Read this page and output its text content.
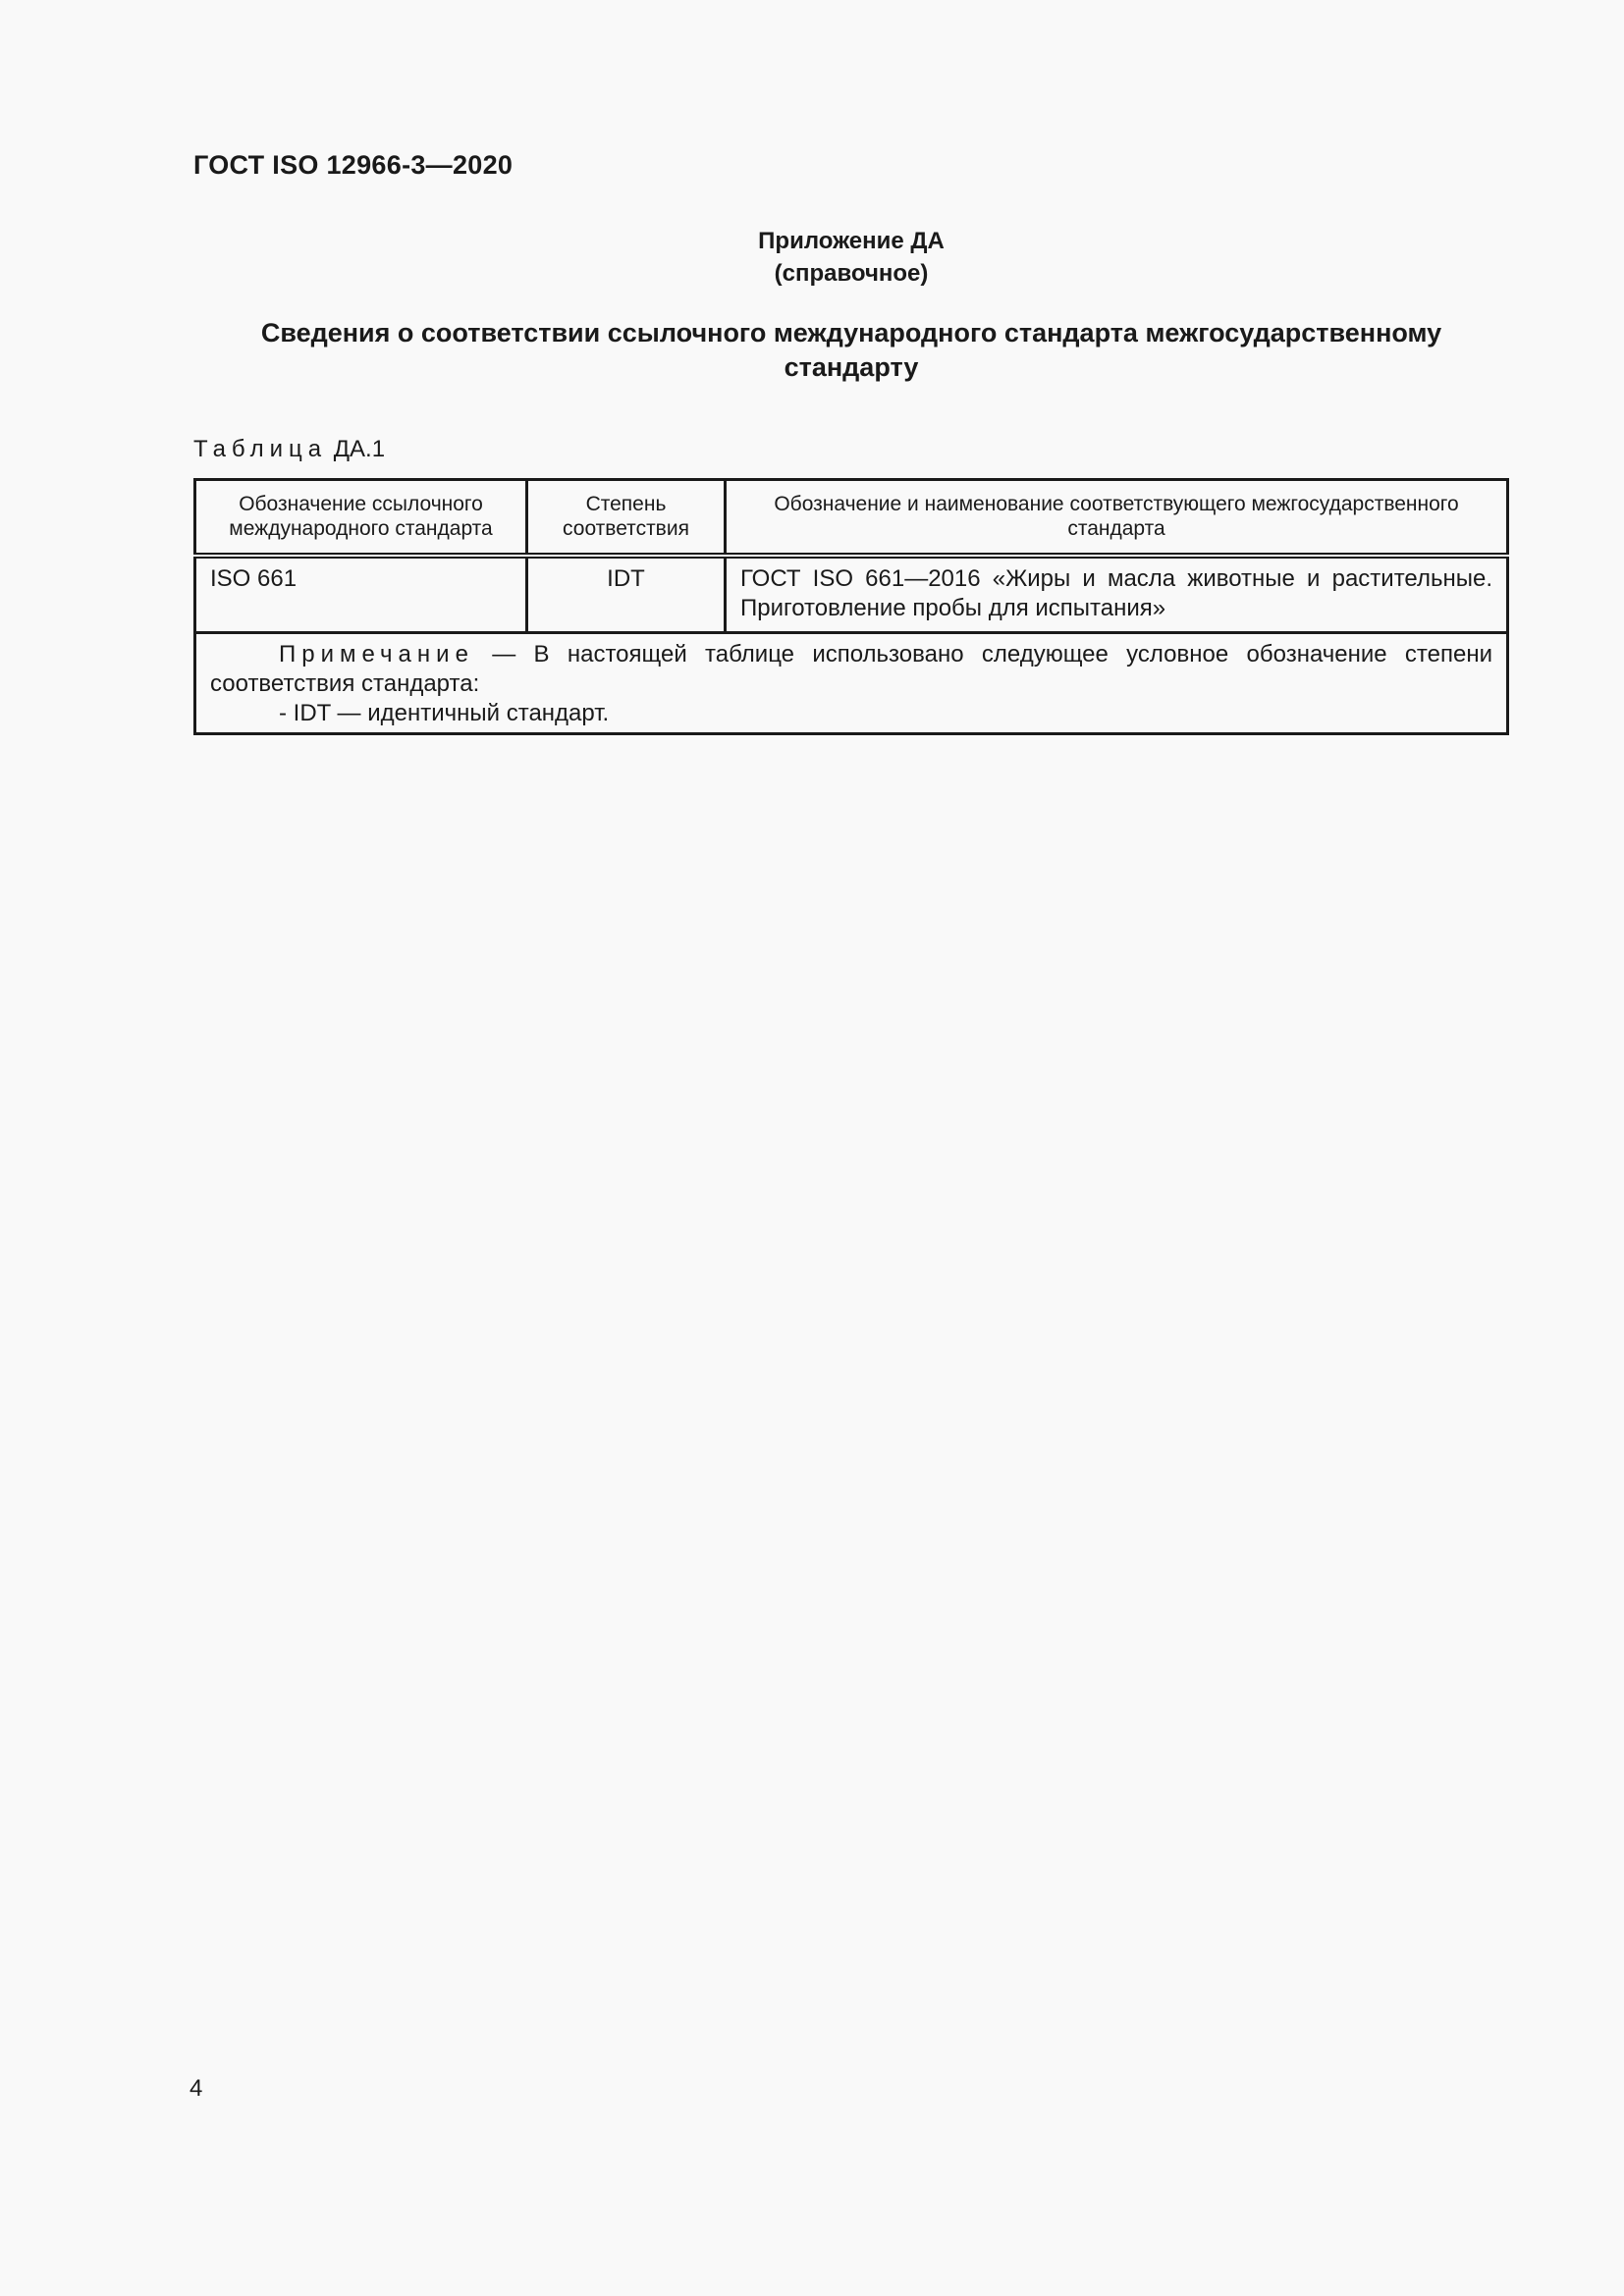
ГОСТ ISO 12966-3—2020
Приложение ДА
(справочное)
Сведения о соответствии ссылочного международного стандарта межгосударственному
стандарту
Таблица ДА.1
Обозначение ссылочного международного стандарта	Степень соответствия	Обозначение и наименование соответствующего межгосударственного стандарта
ISO 661	IDT	ГОСТ ISO 661—2016 «Жиры и масла животные и растительные. Приготовление пробы для испытания»

Примечание — В настоящей таблице использовано следующее условное обозначение степени соответствия стандарта:

- IDT — идентичный стандарт.		

4
